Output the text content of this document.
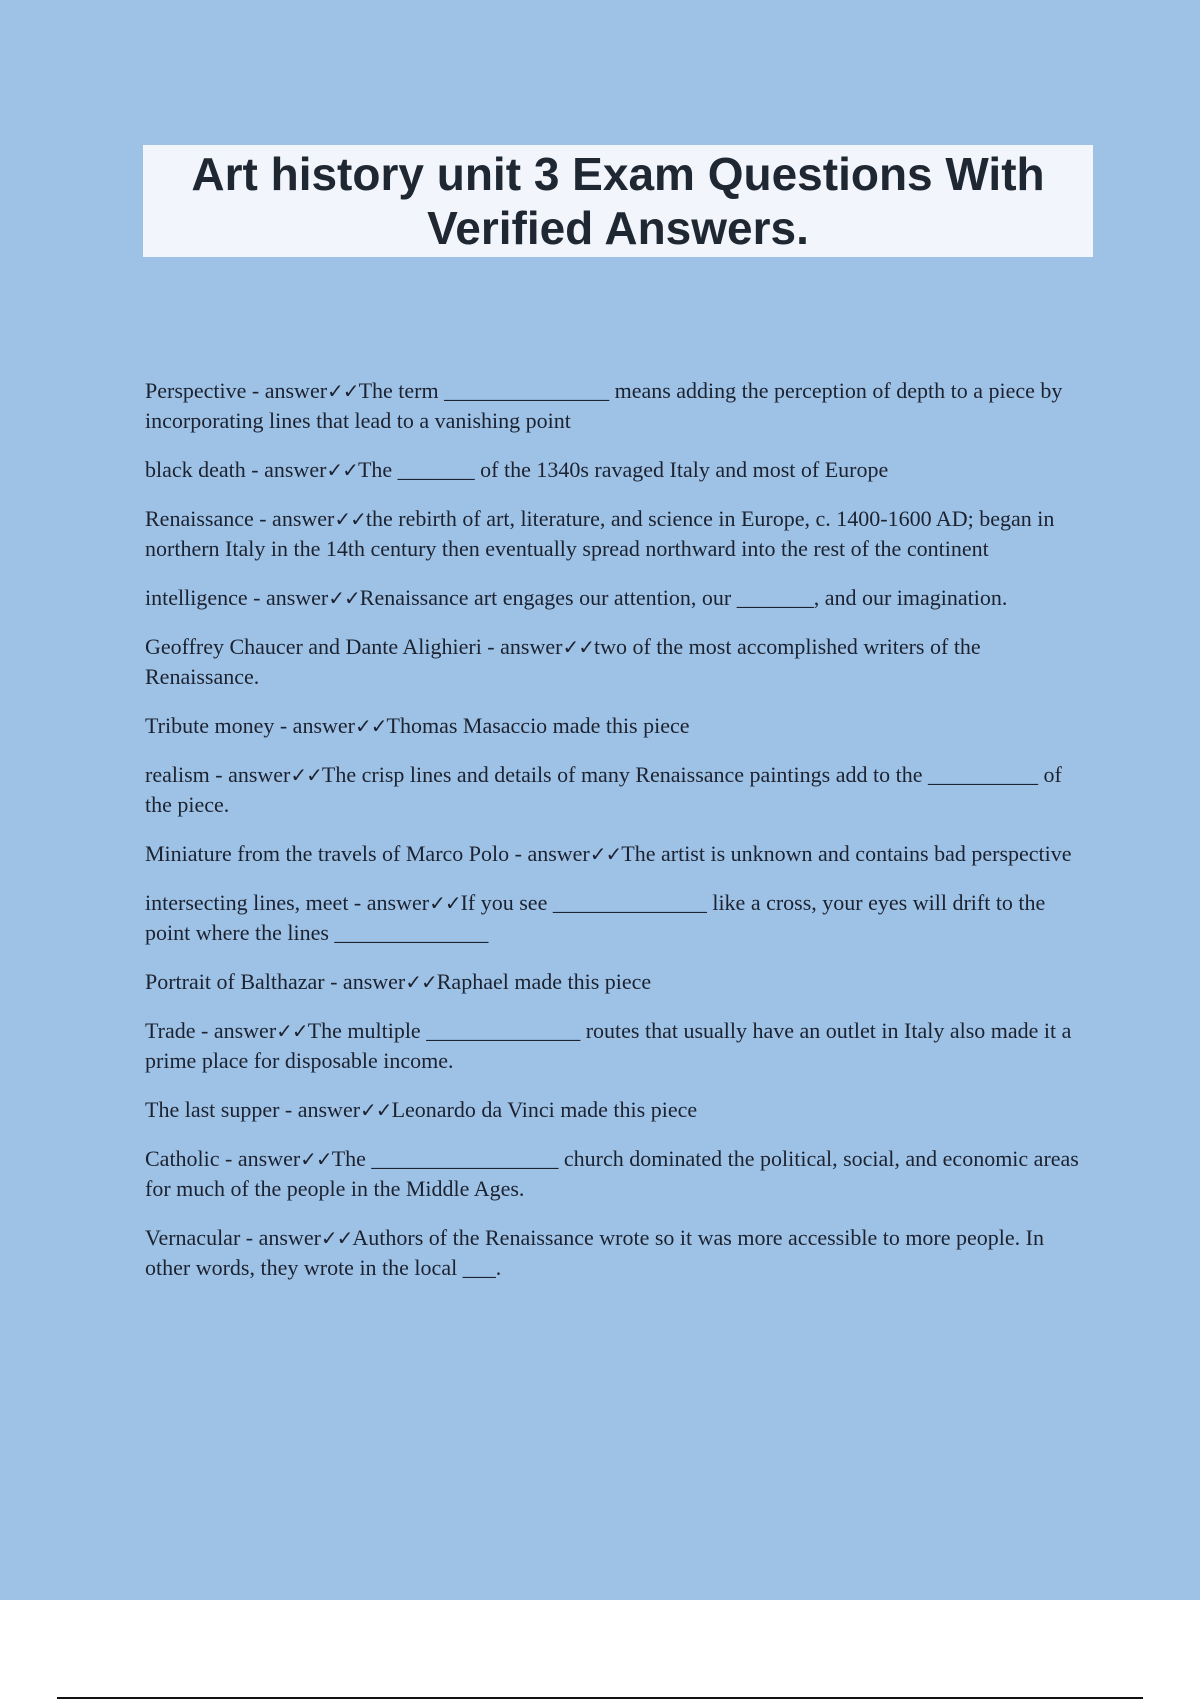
Art history unit 3 Exam Questions With Verified Answers.
Perspective - answer✓✓The term _______________ means adding the perception of depth to a piece by incorporating lines that lead to a vanishing point
black death - answer✓✓The _______ of the 1340s ravaged Italy and most of Europe
Renaissance - answer✓✓the rebirth of art, literature, and science in Europe, c. 1400-1600 AD; began in northern Italy in the 14th century then eventually spread northward into the rest of the continent
intelligence - answer✓✓Renaissance art engages our attention, our _______, and our imagination.
Geoffrey Chaucer and Dante Alighieri - answer✓✓two of the most accomplished writers of the Renaissance.
Tribute money - answer✓✓Thomas Masaccio made this piece
realism - answer✓✓The crisp lines and details of many Renaissance paintings add to the __________ of the piece.
Miniature from the travels of Marco Polo - answer✓✓The artist is unknown and contains bad perspective
intersecting lines, meet - answer✓✓If you see ______________ like a cross, your eyes will drift to the point where the lines ______________
Portrait of Balthazar - answer✓✓Raphael made this piece
Trade - answer✓✓The multiple ______________ routes that usually have an outlet in Italy also made it a prime place for disposable income.
The last supper - answer✓✓Leonardo da Vinci made this piece
Catholic - answer✓✓The _________________ church dominated the political, social, and economic areas for much of the people in the Middle Ages.
Vernacular - answer✓✓Authors of the Renaissance wrote so it was more accessible to more people. In other words, they wrote in the local ___.
